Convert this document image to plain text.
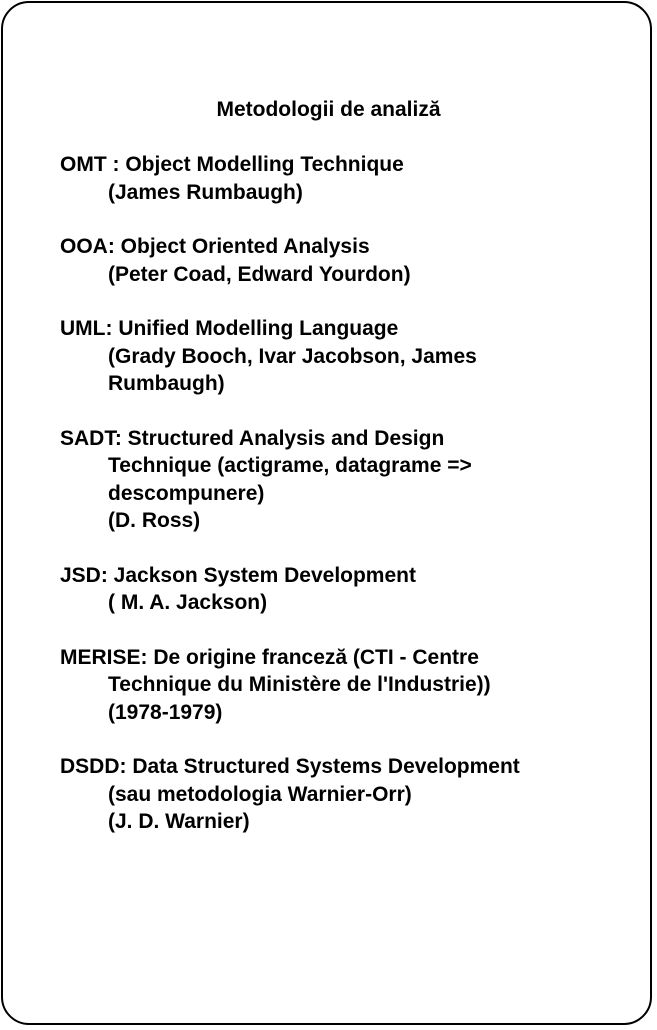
Metodologii de analiză
OMT : Object Modelling Technique
(James Rumbaugh)
OOA: Object Oriented Analysis
(Peter Coad, Edward Yourdon)
UML: Unified Modelling Language
(Grady Booch, Ivar Jacobson, James
Rumbaugh)
SADT: Structured Analysis and Design
Technique (actigrame, datagrame =>
descompunere)
(D. Ross)
JSD: Jackson System Development
( M. A. Jackson)
MERISE: De origine franceză (CTI - Centre
Technique du Ministère de l'Industrie))
(1978-1979)
DSDD: Data Structured Systems Development
(sau metodologia Warnier-Orr)
(J. D. Warnier)
